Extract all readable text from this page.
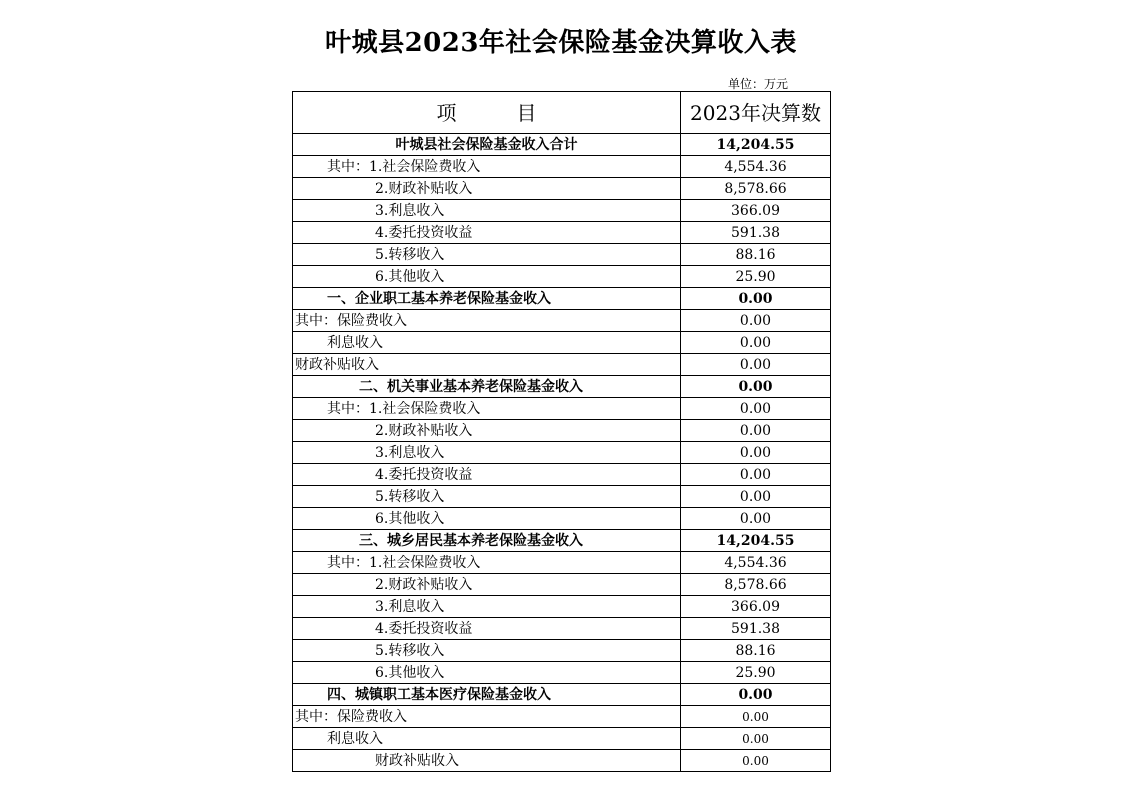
叶城县2023年社会保险基金决算收入表
单位：万元
项　　　目	2023年决算数
叶城县社会保险基金收入合计	14,204.55
其中：1.社会保险费收入	4,554.36
2.财政补贴收入	8,578.66
3.利息收入	366.09
4.委托投资收益	591.38
5.转移收入	88.16
6.其他收入	25.90
一、企业职工基本养老保险基金收入	0.00
其中：保险费收入	0.00
利息收入	0.00
财政补贴收入	0.00
二、机关事业基本养老保险基金收入	0.00
其中：1.社会保险费收入	0.00
2.财政补贴收入	0.00
3.利息收入	0.00
4.委托投资收益	0.00
5.转移收入	0.00
6.其他收入	0.00
三、城乡居民基本养老保险基金收入	14,204.55
其中：1.社会保险费收入	4,554.36
2.财政补贴收入	8,578.66
3.利息收入	366.09
4.委托投资收益	591.38
5.转移收入	88.16
6.其他收入	25.90
四、城镇职工基本医疗保险基金收入	0.00
其中：保险费收入	0.00
利息收入	0.00
财政补贴收入	0.00
